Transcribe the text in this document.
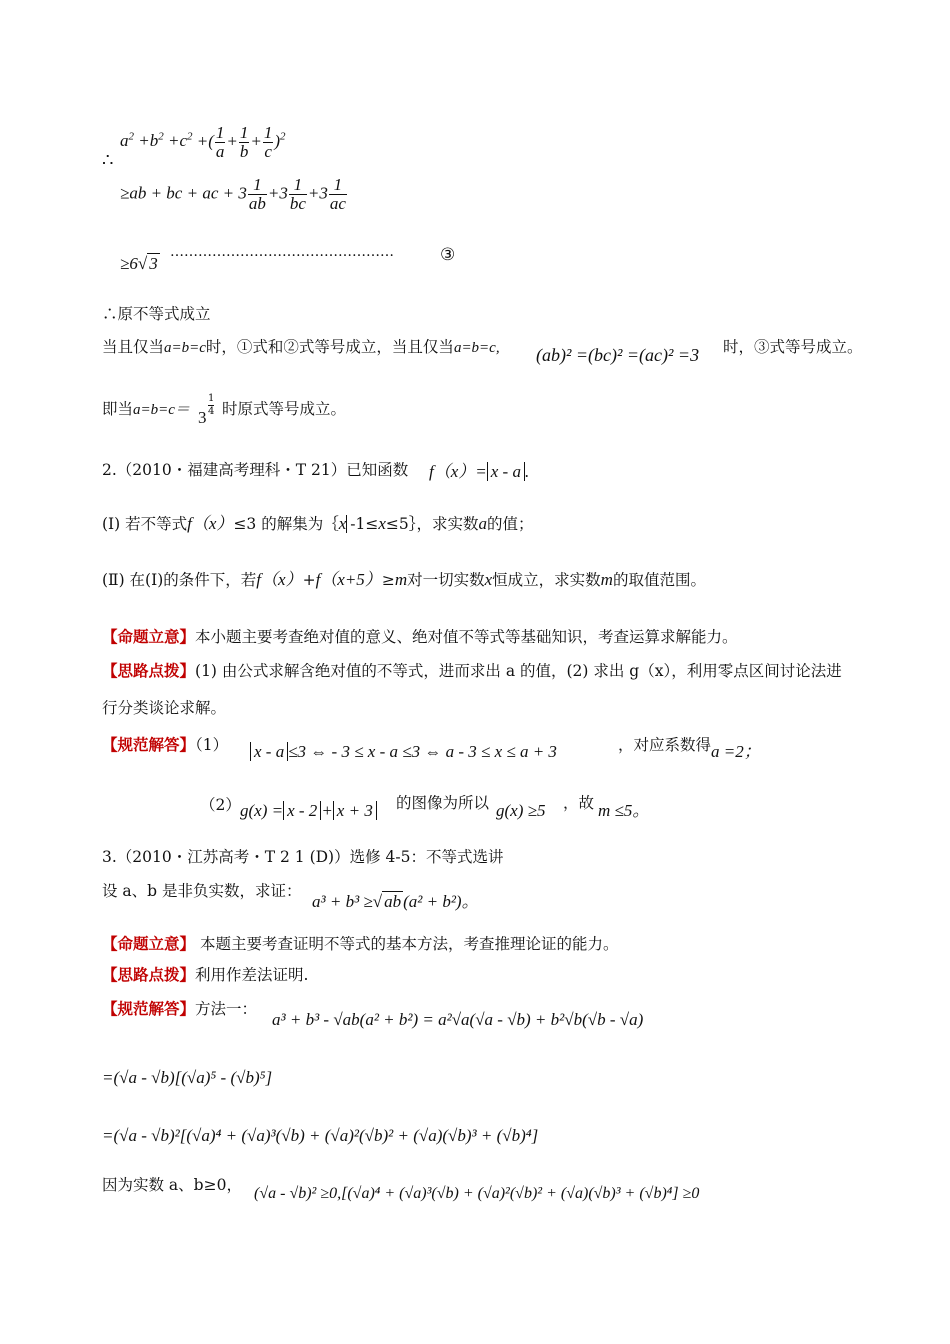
∴
$a^2 +b^2 +c^2$ +( $\frac{1}{a} + \frac{1}{b} + \frac{1}{c} )^2$
≥ab + bc + ac + $3 \frac{1}{ab} +3 \frac{1}{bc} +3 \frac{1}{ac}$
≥6√ 3
…………………………………………	③
∴原不等式成立
当且仅当a=b=c时，①式和②式等号成立，当且仅当a=b=c, (ab)² =(bc)² =(ac)² =3 时，③式等号成立。
即当a=b=c＝ 3
1
4 时原式等号成立。
2.（2010・福建高考理科・T 21）已知函数 f（x）= x - a .
(Ⅰ) 若不等式f（x）≤3 的解集为｛x -1≤x≤5｝，求实数a的值；
(Ⅱ) 在(Ⅰ)的条件下，若f（x）+f（x+5）≥m对一切实数x恒成立，求实数m的取值范围。
【命题立意】本小题主要考查绝对值的意义、绝对值不等式等基础知识，考查运算求解能力。
【思路点拨】(1) 由公式求解含绝对值的不等式，进而求出 a 的值，(2) 求出 g（x），利用零点区间讨论法进
行分类谈论求解。
【规范解答】（1） x - a ≤3 ⇔ - 3 ≤ x - a ≤3 ⇔ a - 3 ≤ x ≤ a + 3	，对应系数得 a =2；
（2） g(x) = x - 2 + x + 3 的图像为所以 g(x) ≥5 ，故 m ≤5。
3.（2010・江苏高考・T 2 1 (D)）选修 4-5：不等式选讲
设 a、b 是非负实数，求证：
a³ + b³ ≥√ ab (a² + b²)。
【命题立意】 本题主要考查证明不等式的基本方法，考查推理论证的能力。
【思路点拨】利用作差法证明.
【规范解答】方法一：
a³ + b³ - √ab(a² + b²) = a²√a(√a - √b) + b²√b(√b - √a)
=(√a - √b)[(√a)⁵ - (√b)⁵]
=(√a - √b)²[(√a)⁴ + (√a)³(√b) + (√a)²(√b)² + (√a)(√b)³ + (√b)⁴]
因为实数 a、b≥0， (√a - √b)² ≥0,[(√a)⁴ + (√a)³(√b) + (√a)²(√b)² + (√a)(√b)³ + (√b)⁴] ≥0
